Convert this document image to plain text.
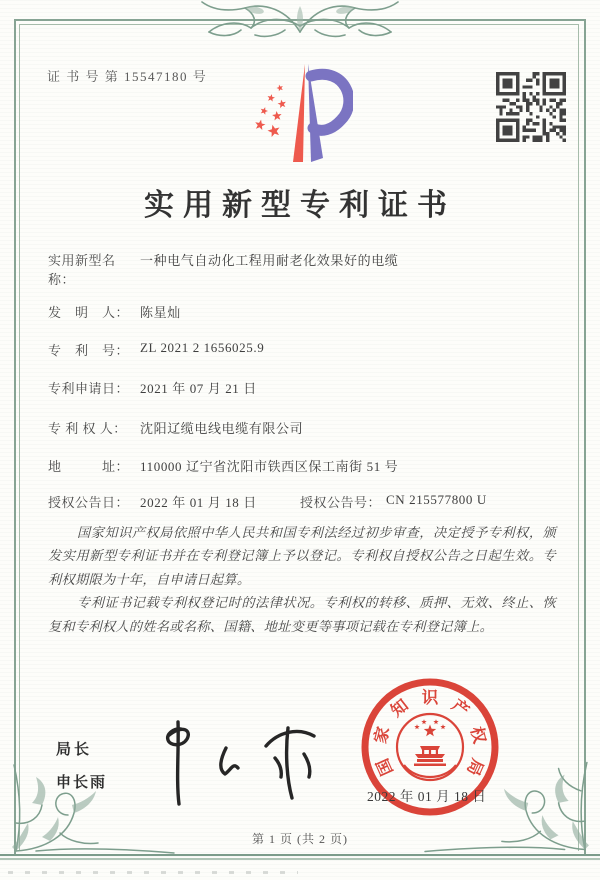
证 书 号 第 15547180 号
实用新型专利证书
实用新型名称：
一种电气自动化工程用耐老化效果好的电缆
发　明　人： 陈星灿
专　利　号： ZL 2021 2 1656025.9
专利申请日： 2021 年 07 月 21 日
专 利 权 人：	沈阳辽缆电线电缆有限公司
地　　　址： 110000 辽宁省沈阳市铁西区保工南街 51 号
授权公告日： 2022 年 01 月 18 日	授权公告号： CN 215577800 U

国家知识产权局依照中华人民共和国专利法经过初步审查，决定授予专利权，颁发实用新型专利证书并在专利登记簿上予以登记。专利权自授权公告之日起生效。专利权期限为十年，自申请日起算。

专利证书记载专利权登记时的法律状况。专利权的转移、质押、无效、终止、恢复和专利权人的姓名或名称、国籍、地址变更等事项记载在专利登记簿上。

局长
申长雨
国
家
知 识 产
权
局
2022 年 01 月 18 日
第 1 页 (共 2 页)
